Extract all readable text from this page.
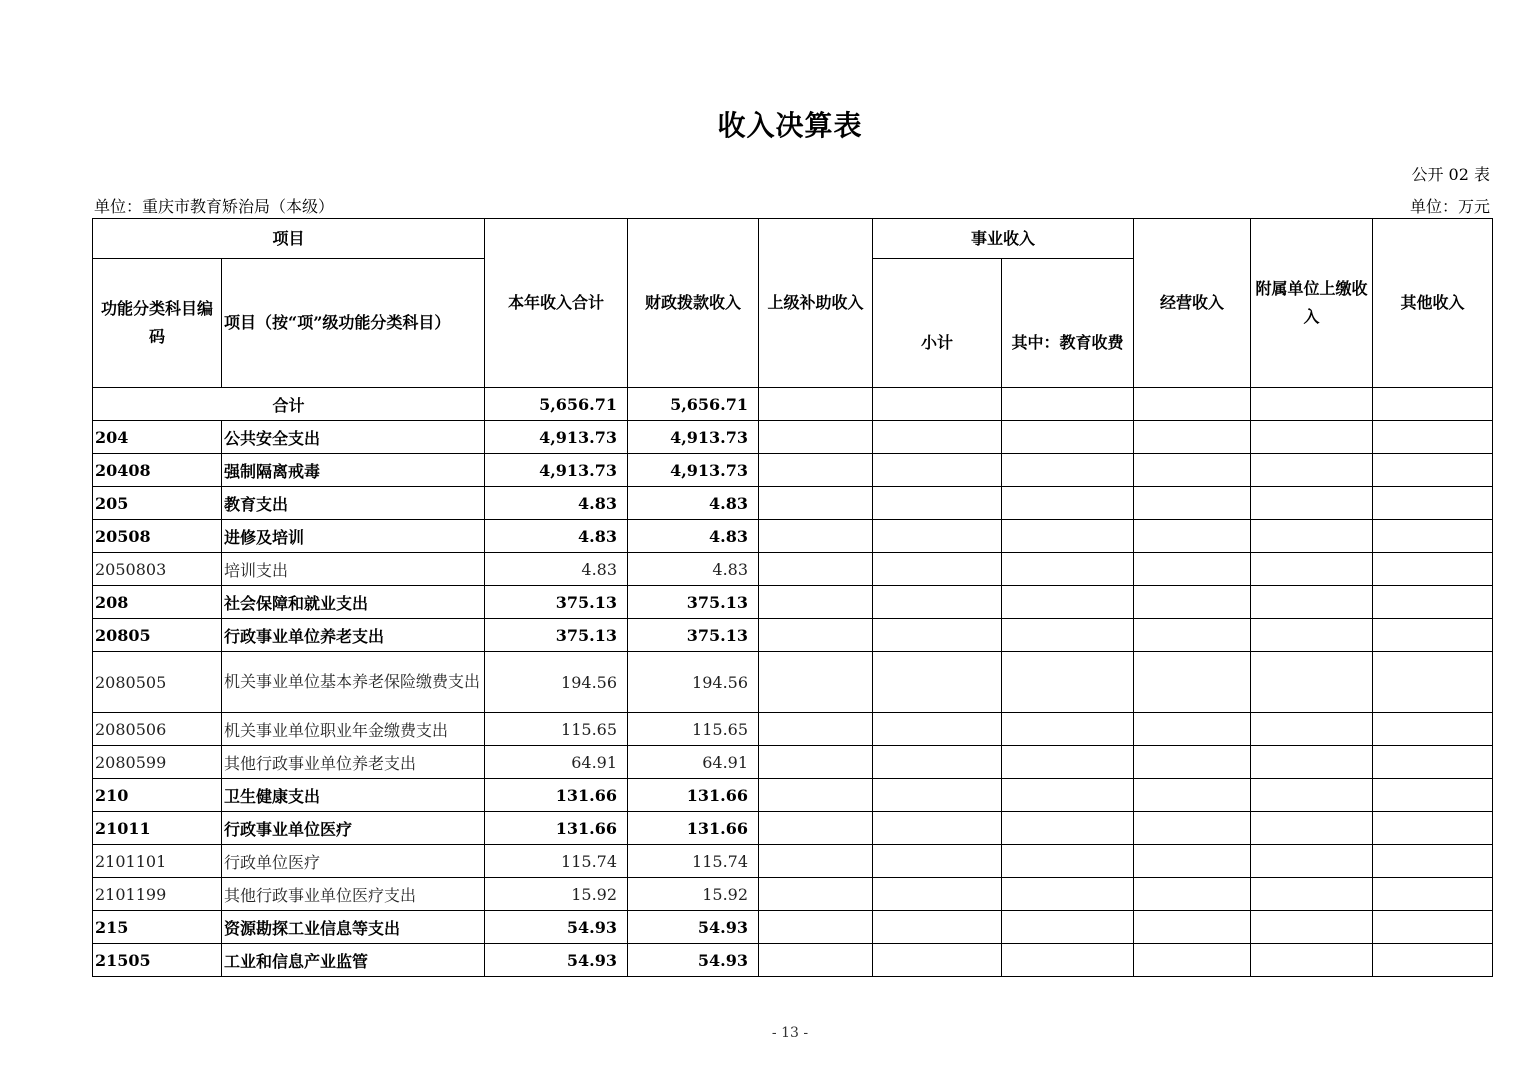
收入决算表
公开 02 表
单位：重庆市教育矫治局（本级）	单位：万元
项目		本年收入合计	财政拨款收入	上级补助收入	事业收入		经营收入	附属单位上缴收入	其他收入
功能分类科目编码	项目（按“项”级功能分类科目）				小计	其中：教育收费			
合计		5,656.71	5,656.71						
204	公共安全支出	4,913.73	4,913.73						
20408	强制隔离戒毒	4,913.73	4,913.73						
205	教育支出	4.83	4.83						
20508	进修及培训	4.83	4.83						
2050803	培训支出	4.83	4.83						
208	社会保障和就业支出	375.13	375.13						
20805	行政事业单位养老支出	375.13	375.13						
2080505	机关事业单位基本养老保险缴费支出	194.56	194.56						
2080506	机关事业单位职业年金缴费支出	115.65	115.65						
2080599	其他行政事业单位养老支出	64.91	64.91						
210	卫生健康支出	131.66	131.66						
21011	行政事业单位医疗	131.66	131.66						
2101101	行政单位医疗	115.74	115.74						
2101199	其他行政事业单位医疗支出	15.92	15.92						
215	资源勘探工业信息等支出	54.93	54.93						
21505	工业和信息产业监管	54.93	54.93						
- 13 -
